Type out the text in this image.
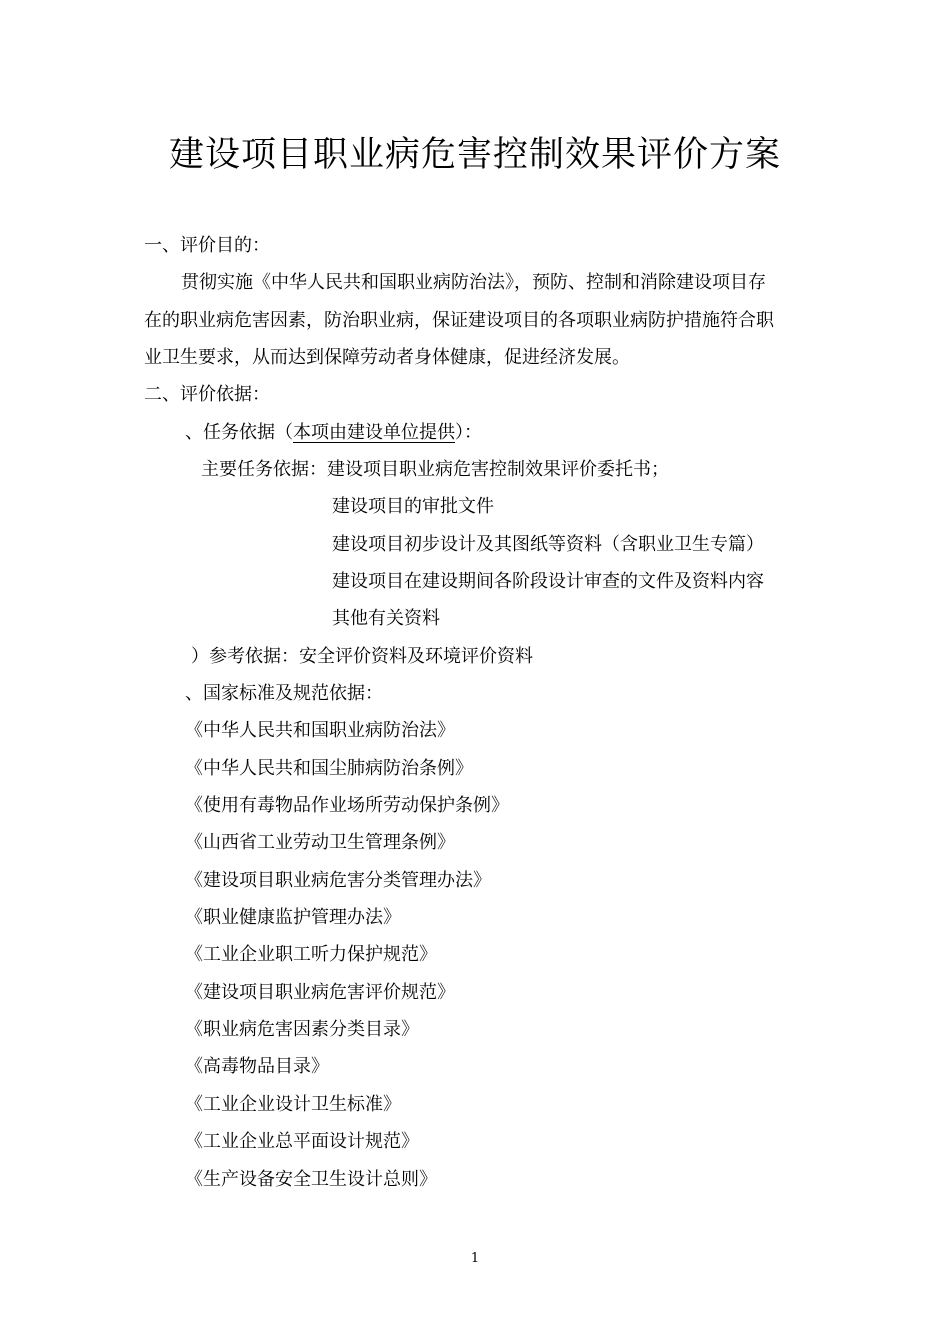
建设项目职业病危害控制效果评价方案
一、评价目的：
贯彻实施《中华人民共和国职业病防治法》，预防、控制和消除建设项目存
在的职业病危害因素，防治职业病，保证建设项目的各项职业病防护措施符合职
业卫生要求，从而达到保障劳动者身体健康，促进经济发展。
二、评价依据：
、任务依据（本项由建设单位提供）：
主要任务依据：建设项目职业病危害控制效果评价委托书；
建设项目的审批文件
建设项目初步设计及其图纸等资料（含职业卫生专篇）
建设项目在建设期间各阶段设计审查的文件及资料内容
其他有关资料
）参考依据：安全评价资料及环境评价资料
、国家标准及规范依据：
《中华人民共和国职业病防治法》
《中华人民共和国尘肺病防治条例》
《使用有毒物品作业场所劳动保护条例》
《山西省工业劳动卫生管理条例》
《建设项目职业病危害分类管理办法》
《职业健康监护管理办法》
《工业企业职工听力保护规范》
《建设项目职业病危害评价规范》
《职业病危害因素分类目录》
《高毒物品目录》
《工业企业设计卫生标准》
《工业企业总平面设计规范》
《生产设备安全卫生设计总则》
1
